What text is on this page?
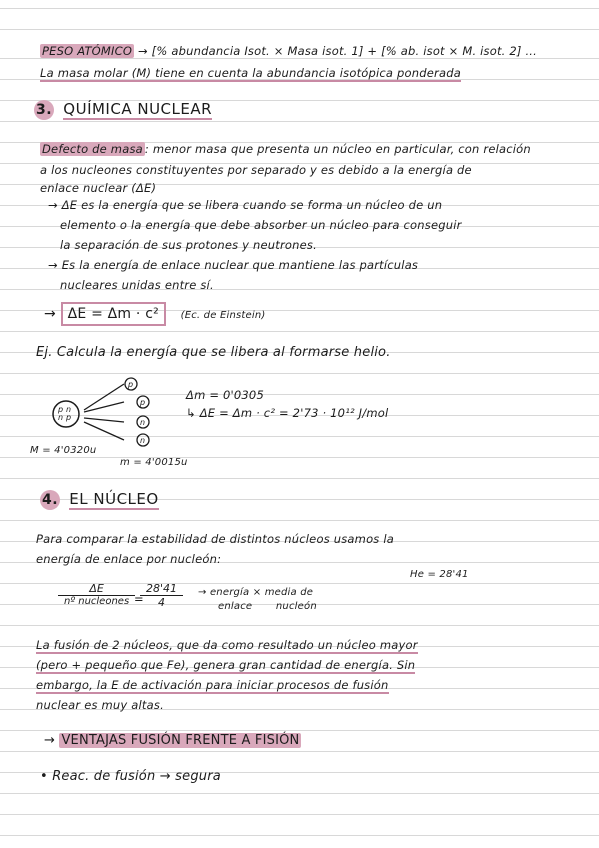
PESO ATÓMICO → [% abundancia Isot. × Masa isot. 1] + [% ab. isot × M. isot. 2] ...
La masa molar (M) tiene en cuenta la abundancia isotópica ponderada
3. QUÍMICA NUCLEAR
Defecto de masa : menor masa que presenta un núcleo en particular, con relación
a los nucleones constituyentes por separado y es debido a la energía de
enlace nuclear (ΔE)
→ ΔE es la energía que se libera cuando se forma un núcleo de un
elemento o la energía que debe absorber un núcleo para conseguir
la separación de sus protones y neutrones.
→ Es la energía de enlace nuclear que mantiene las partículas
nucleares unidas entre sí.
→ ΔE = Δm · c² (Ec. de Einstein)
Ej. Calcula la energía que se libera al formarse helio.
p n
n p
p
p
n
n
Δm = 0'0305
↳ ΔE = Δm · c² = 2'73 · 10¹² J/mol
M = 4'0320u
m = 4'0015u
4. EL NÚCLEO
Para comparar la estabilidad de distintos núcleos usamos la
energía de enlace por nucleón:
He = 28'41
ΔE
nº nucleones =
$\frac{28'41}{4}$ → energía × media de
enlace       nucleón
La fusión de 2 núcleos, que da como resultado un núcleo mayor
(pero + pequeño que Fe), genera gran cantidad de energía. Sin
embargo, la E de activación para iniciar procesos de fusión
nuclear es muy altas.
→ VENTAJAS FUSIÓN FRENTE A FISIÓN
• Reac. de fusión → segura
